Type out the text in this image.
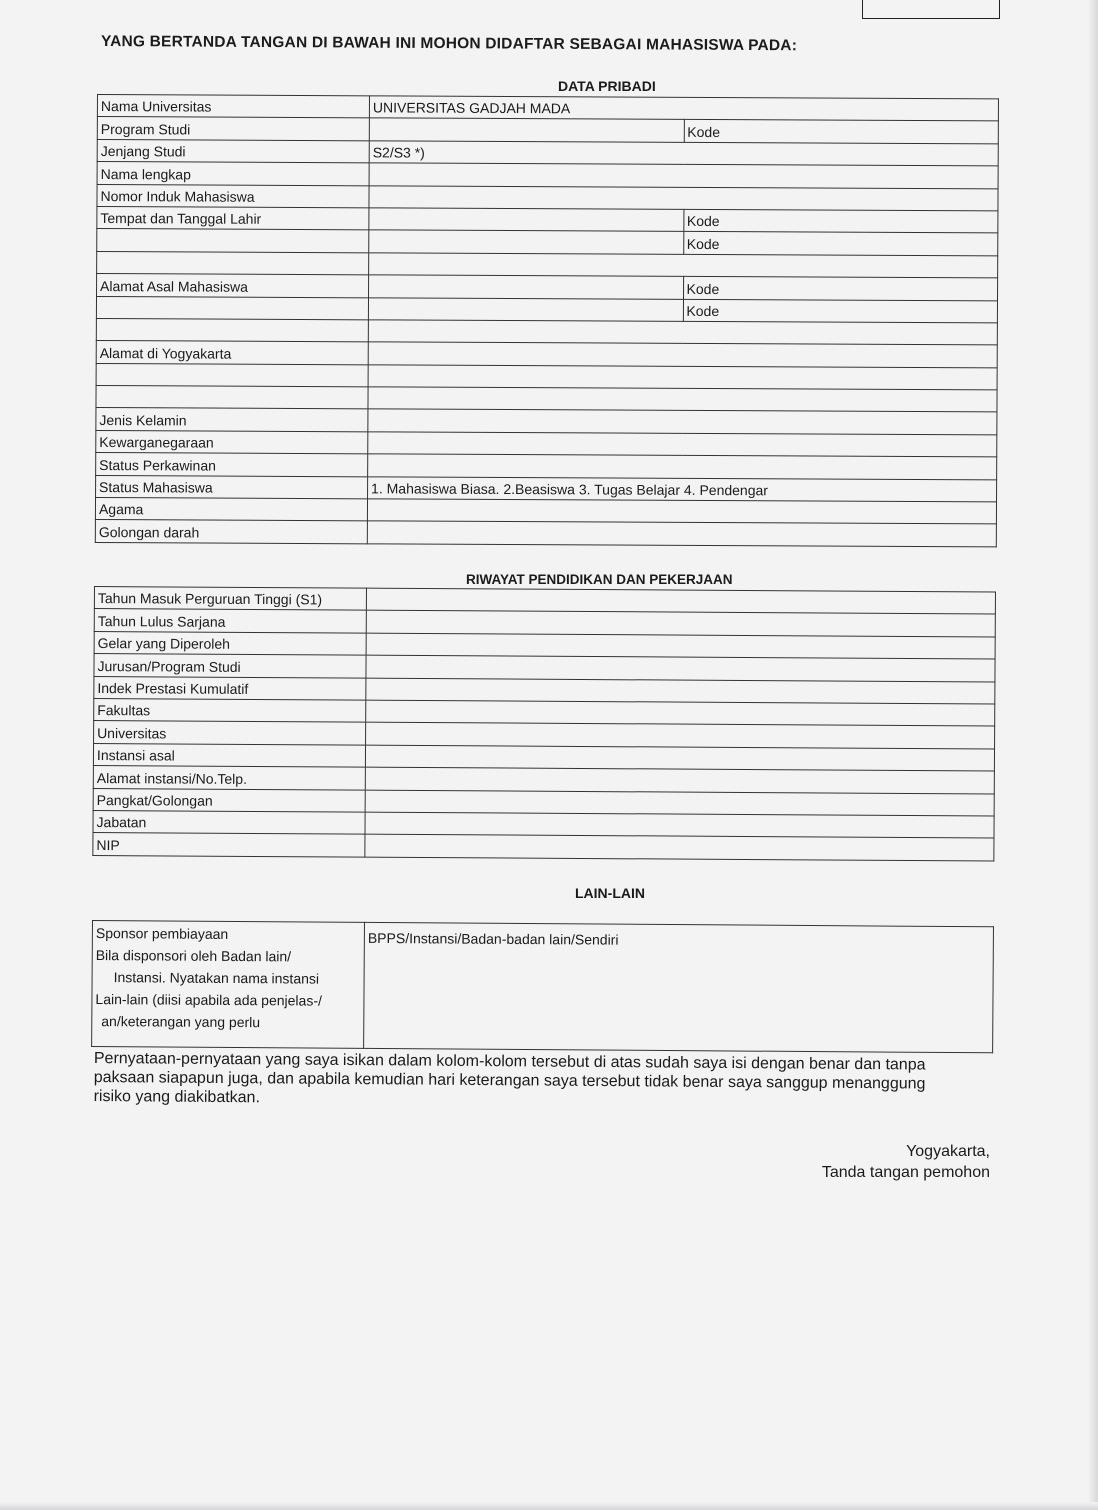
YANG BERTANDA TANGAN DI BAWAH INI MOHON DIDAFTAR SEBAGAI MAHASISWA PADA:
DATA PRIBADI
Nama Universitas	UNIVERSITAS GADJAH MADA	
Program Studi		Kode
Jenjang Studi	S2/S3 *)	
Nama lengkap		
Nomor Induk Mahasiswa		
Tempat dan Tanggal Lahir		Kode
		Kode

Alamat Asal Mahasiswa		Kode
		Kode

Alamat di Yogyakarta		

Jenis Kelamin		
Kewarganegaraan		
Status Perkawinan		
Status Mahasiswa	1. Mahasiswa Biasa. 2.Beasiswa 3. Tugas Belajar 4. Pendengar	
Agama		
Golongan darah		
RIWAYAT PENDIDIKAN DAN PEKERJAAN
Tahun Masuk Perguruan Tinggi (S1)	
Tahun Lulus Sarjana	
Gelar yang Diperoleh	
Jurusan/Program Studi	
Indek Prestasi Kumulatif	
Fakultas	
Universitas	
Instansi asal	
Alamat instansi/No.Telp.	
Pangkat/Golongan	
Jabatan	
NIP	
LAIN-LAIN
Sponsor pembiayaan
Bila disponsori oleh Badan lain/
Instansi. Nyatakan nama instansi
Lain-lain (diisi apabila ada penjelas-/
an/keterangan yang perlu
	BPPS/Instansi/Badan-badan lain/Sendiri
Pernyataan-pernyataan yang saya isikan dalam kolom-kolom tersebut di atas sudah saya isi dengan benar dan tanpa paksaan siapapun juga, dan apabila kemudian hari keterangan saya tersebut tidak benar saya sanggup menanggung risiko yang diakibatkan.
Yogyakarta,
Tanda tangan pemohon
